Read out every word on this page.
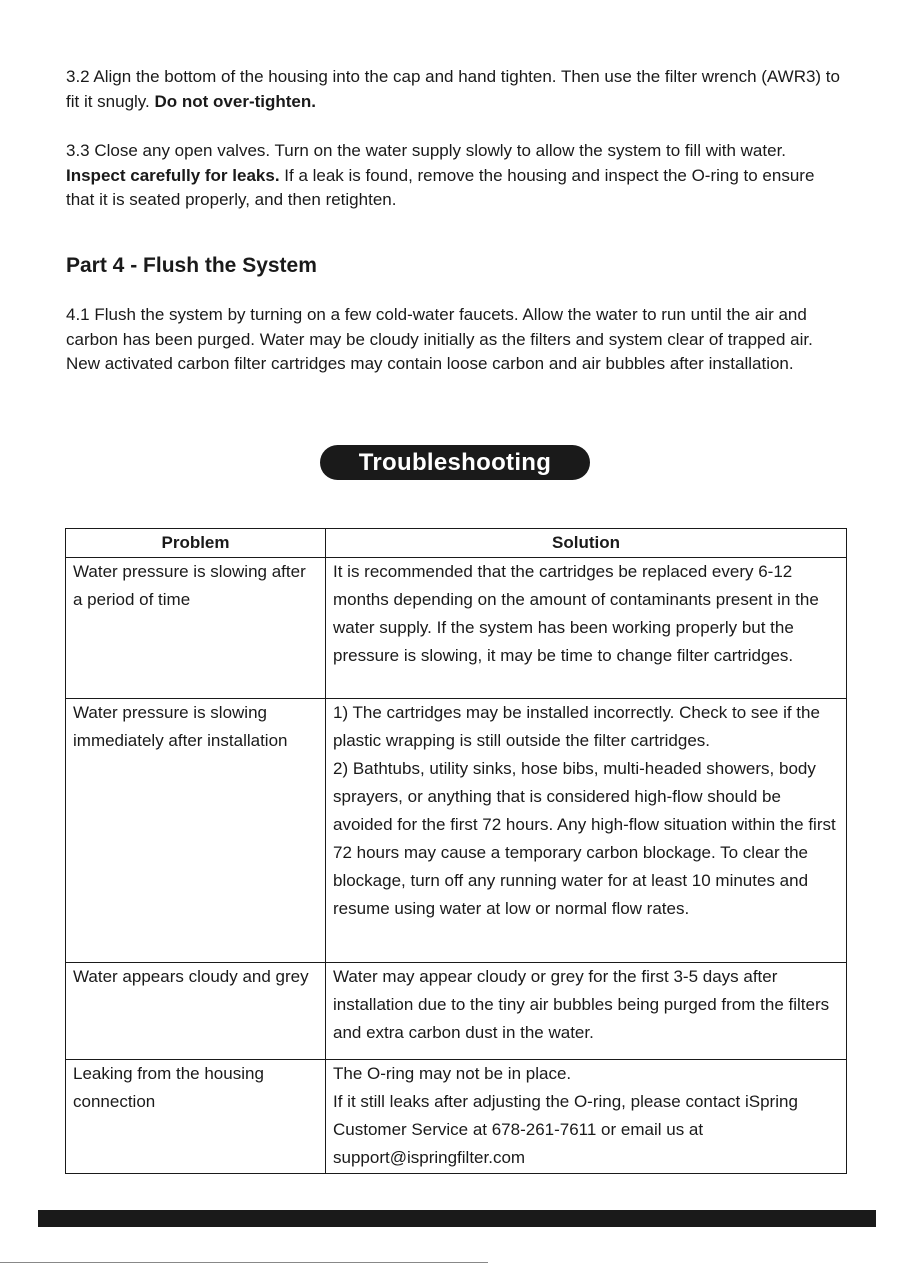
3.2 Align the bottom of the housing into the cap and hand tighten. Then use the filter wrench (AWR3) to fit it snugly. Do not over-tighten.

3.3 Close any open valves. Turn on the water supply slowly to allow the system to fill with water. Inspect carefully for leaks. If a leak is found, remove the housing and inspect the O-ring to ensure that it is seated properly, and then retighten.

Part 4 - Flush the System

4.1 Flush the system by turning on a few cold-water faucets. Allow the water to run until the air and carbon has been purged. Water may be cloudy initially as the filters and system clear of trapped air. New activated carbon filter cartridges may contain loose carbon and air bubbles after installation.

Troubleshooting
Problem	Solution
Water pressure is slowing after a period of time	It is recommended that the cartridges be replaced every 6-12 months depending on the amount of contaminants present in the water supply. If the system has been working properly but the pressure is slowing, it may be time to change filter cartridges.

Water pressure is slowing immediately after installation	1) The cartridges may be installed incorrectly. Check to see if the plastic wrapping is still outside the filter cartridges.
2) Bathtubs, utility sinks, hose bibs, multi-headed showers, body sprayers, or anything that is considered high-flow should be avoided for the first 72 hours. Any high-flow situation within the first 72 hours may cause a temporary carbon blockage. To clear the blockage, turn off any running water for at least 10 minutes and resume using water at low or normal flow rates.

Water appears cloudy and grey	Water may appear cloudy or grey for the first 3-5 days after installation due to the tiny air bubbles being purged from the filters and extra carbon dust in the water.

Leaking from the housing connection	The O-ring may not be in place.
If it still leaks after adjusting the O-ring, please contact iSpring Customer Service at 678-261-7611 or email us at support@ispringfilter.com
